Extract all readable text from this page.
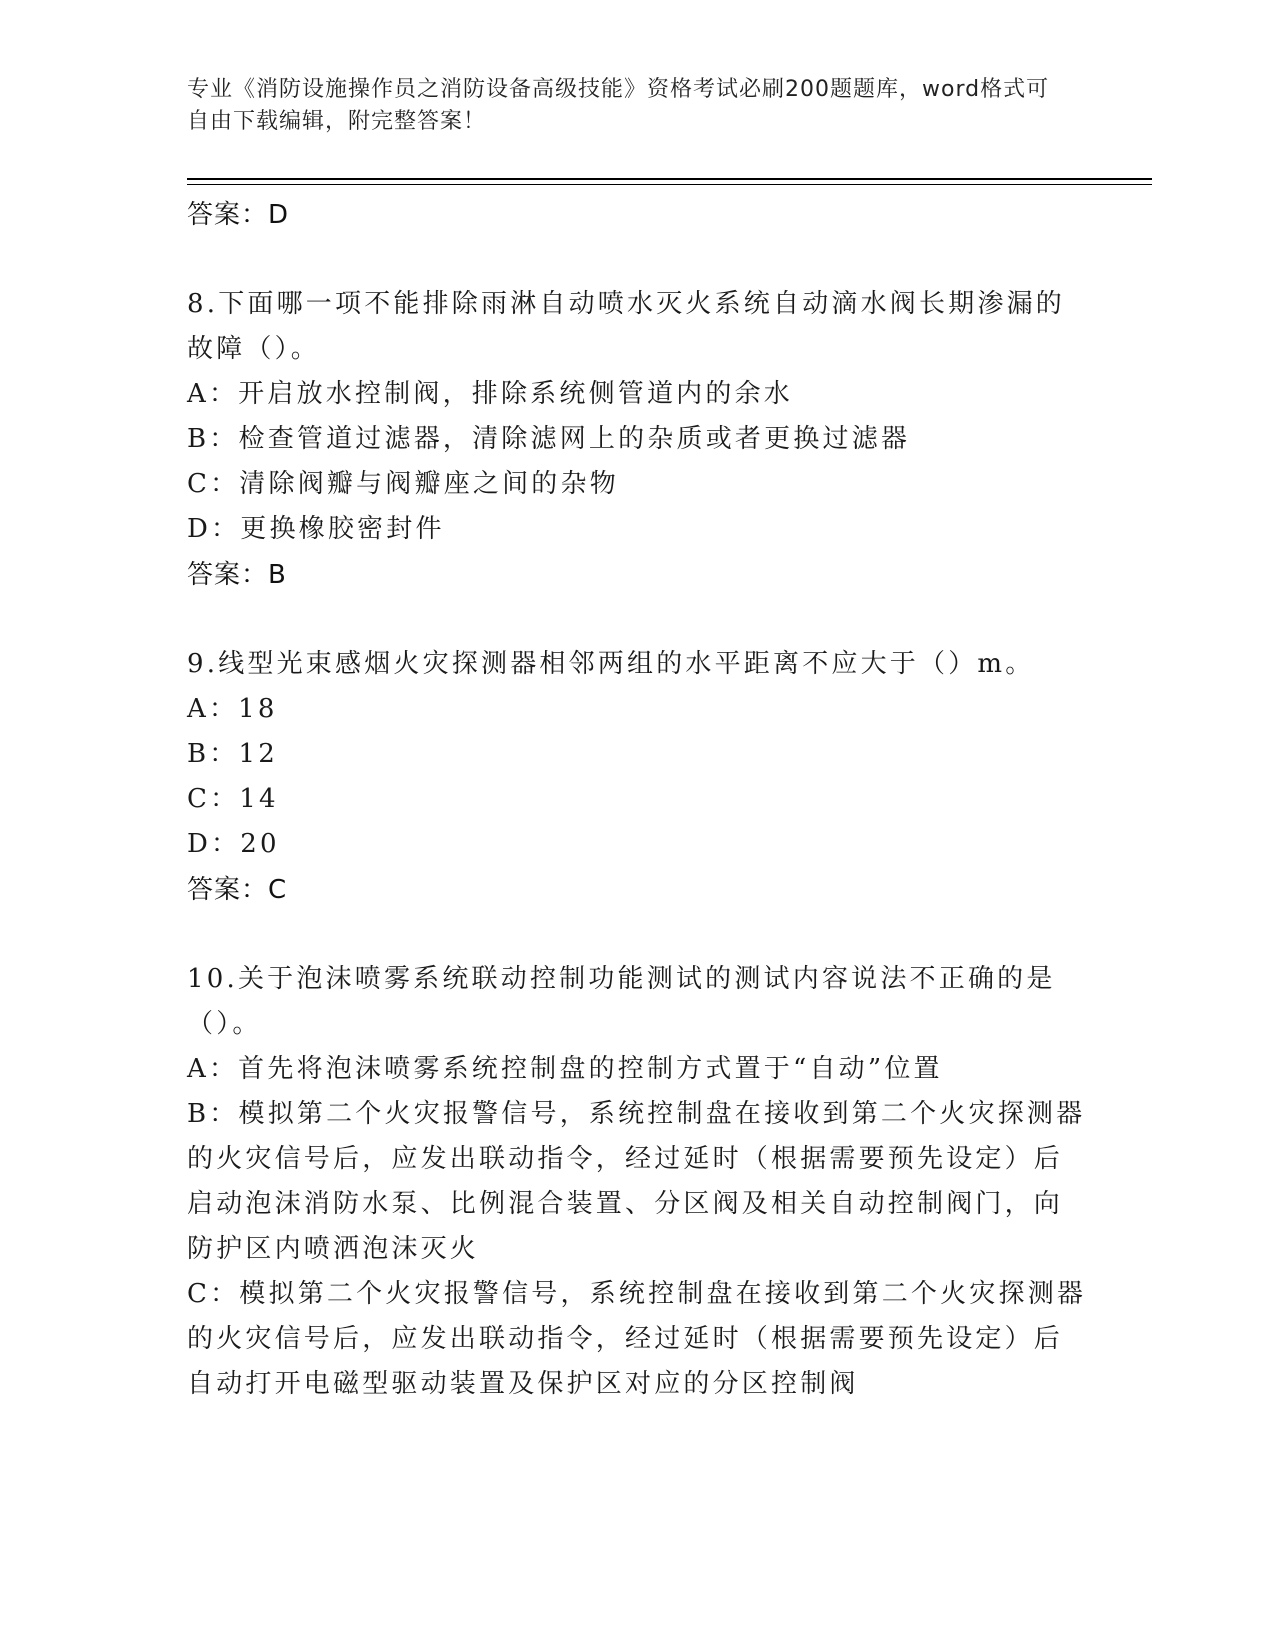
专业《消防设施操作员之消防设备高级技能》资格考试必刷200题题库，word格式可自由下载编辑，附完整答案！
答案：D

8.下面哪一项不能排除雨淋自动喷水灭火系统自动滴水阀长期渗漏的故障（）。

A：开启放水控制阀，排除系统侧管道内的余水

B：检查管道过滤器，清除滤网上的杂质或者更换过滤器

C：清除阀瓣与阀瓣座之间的杂物

D：更换橡胶密封件

答案：B

9.线型光束感烟火灾探测器相邻两组的水平距离不应大于（）m。

A：18

B：12

C：14

D：20

答案：C

10.关于泡沫喷雾系统联动控制功能测试的测试内容说法不正确的是（）。

A：首先将泡沫喷雾系统控制盘的控制方式置于“自动”位置

B：模拟第二个火灾报警信号，系统控制盘在接收到第二个火灾探测器的火灾信号后，应发出联动指令，经过延时（根据需要预先设定）后启动泡沫消防水泵、比例混合装置、分区阀及相关自动控制阀门，向防护区内喷洒泡沫灭火

C：模拟第二个火灾报警信号，系统控制盘在接收到第二个火灾探测器的火灾信号后，应发出联动指令，经过延时（根据需要预先设定）后自动打开电磁型驱动装置及保护区对应的分区控制阀
